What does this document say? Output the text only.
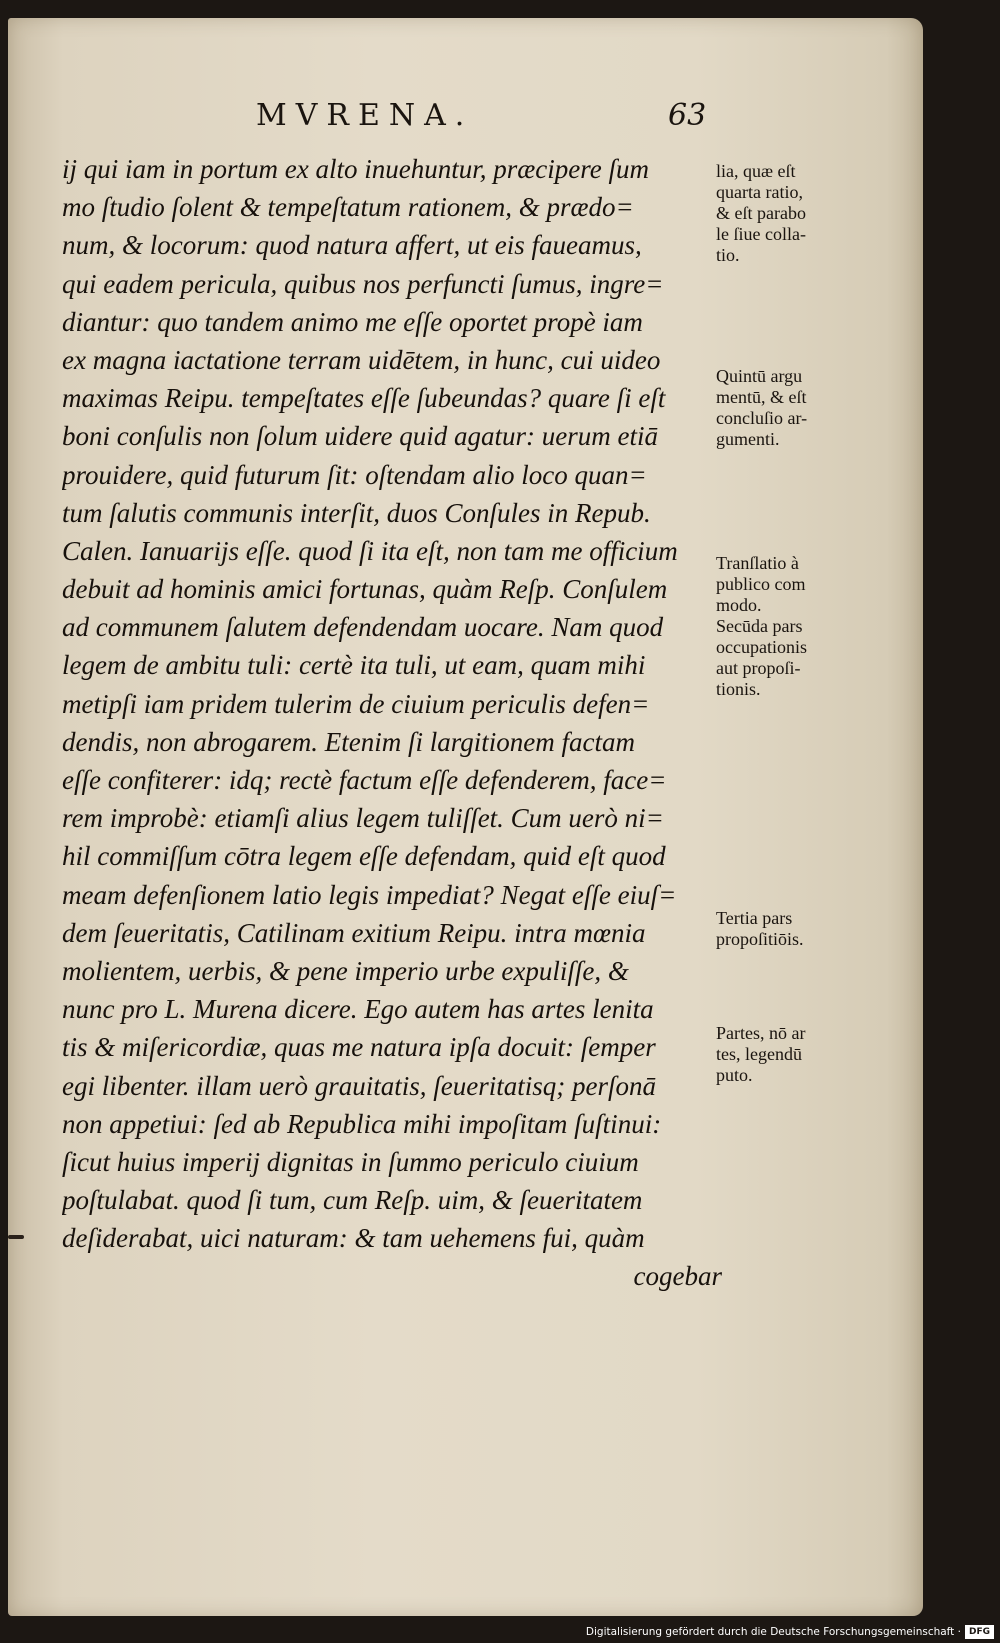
MVRENA.	63
ij qui iam in portum ex alto inuehuntur, præcipere ſum
mo ſtudio ſolent & tempeſtatum rationem, & prædo=
num, & locorum: quod natura affert, ut eis faueamus,
qui eadem pericula, quibus nos perfuncti ſumus, ingre=
diantur: quo tandem animo me eſſe oportet propè iam
ex magna iactatione terram uidētem, in hunc, cui uideo
maximas Reipu. tempeſtates eſſe ſubeundas? quare ſi eſt
boni conſulis non ſolum uidere quid agatur: uerum etiā
prouidere, quid futurum ſit: oſtendam alio loco quan=
tum ſalutis communis interſit, duos Conſules in Repub.
Calen. Ianuarijs eſſe. quod ſi ita eſt, non tam me officium
debuit ad hominis amici fortunas, quàm Reſp. Conſulem
ad communem ſalutem defendendam uocare. Nam quod
legem de ambitu tuli: certè ita tuli, ut eam, quam mihi
metipſi iam pridem tulerim de ciuium periculis defen=
dendis, non abrogarem. Etenim ſi largitionem factam
eſſe confiterer: idq; rectè factum eſſe defenderem, face=
rem improbè: etiamſi alius legem tuliſſet. Cum uerò ni=
hil commiſſum cōtra legem eſſe defendam, quid eſt quod
meam defenſionem latio legis impediat? Negat eſſe eiuſ=
dem ſeueritatis, Catilinam exitium Reipu. intra mœnia
molientem, uerbis, & pene imperio urbe expuliſſe, &
nunc pro L. Murena dicere. Ego autem has artes lenita
tis & miſericordiæ, quas me natura ipſa docuit: ſemper
egi libenter. illam uerò grauitatis, ſeueritatisq; perſonā
non appetiui: ſed ab Republica mihi impoſitam ſuſtinui:
ſicut huius imperij dignitas in ſummo periculo ciuium
poſtulabat. quod ſi tum, cum Reſp. uim, & ſeueritatem
deſiderabat, uici naturam: & tam uehemens fui, quàm
cogebar
lia, quæ eſt
quarta ratio,
& eſt parabo
le ſiue colla-
tio.
Quintū argu
mentū, & eſt
concluſio ar-
gumenti.
Tranſlatio à
publico com
modo.
Secūda pars
occupationis
aut propoſi-
tionis.
Tertia pars
propoſitiōis.
Partes, nō ar
tes, legendū
puto.
Digitalisierung gefördert durch die Deutsche Forschungsgemeinschaft · DFG
